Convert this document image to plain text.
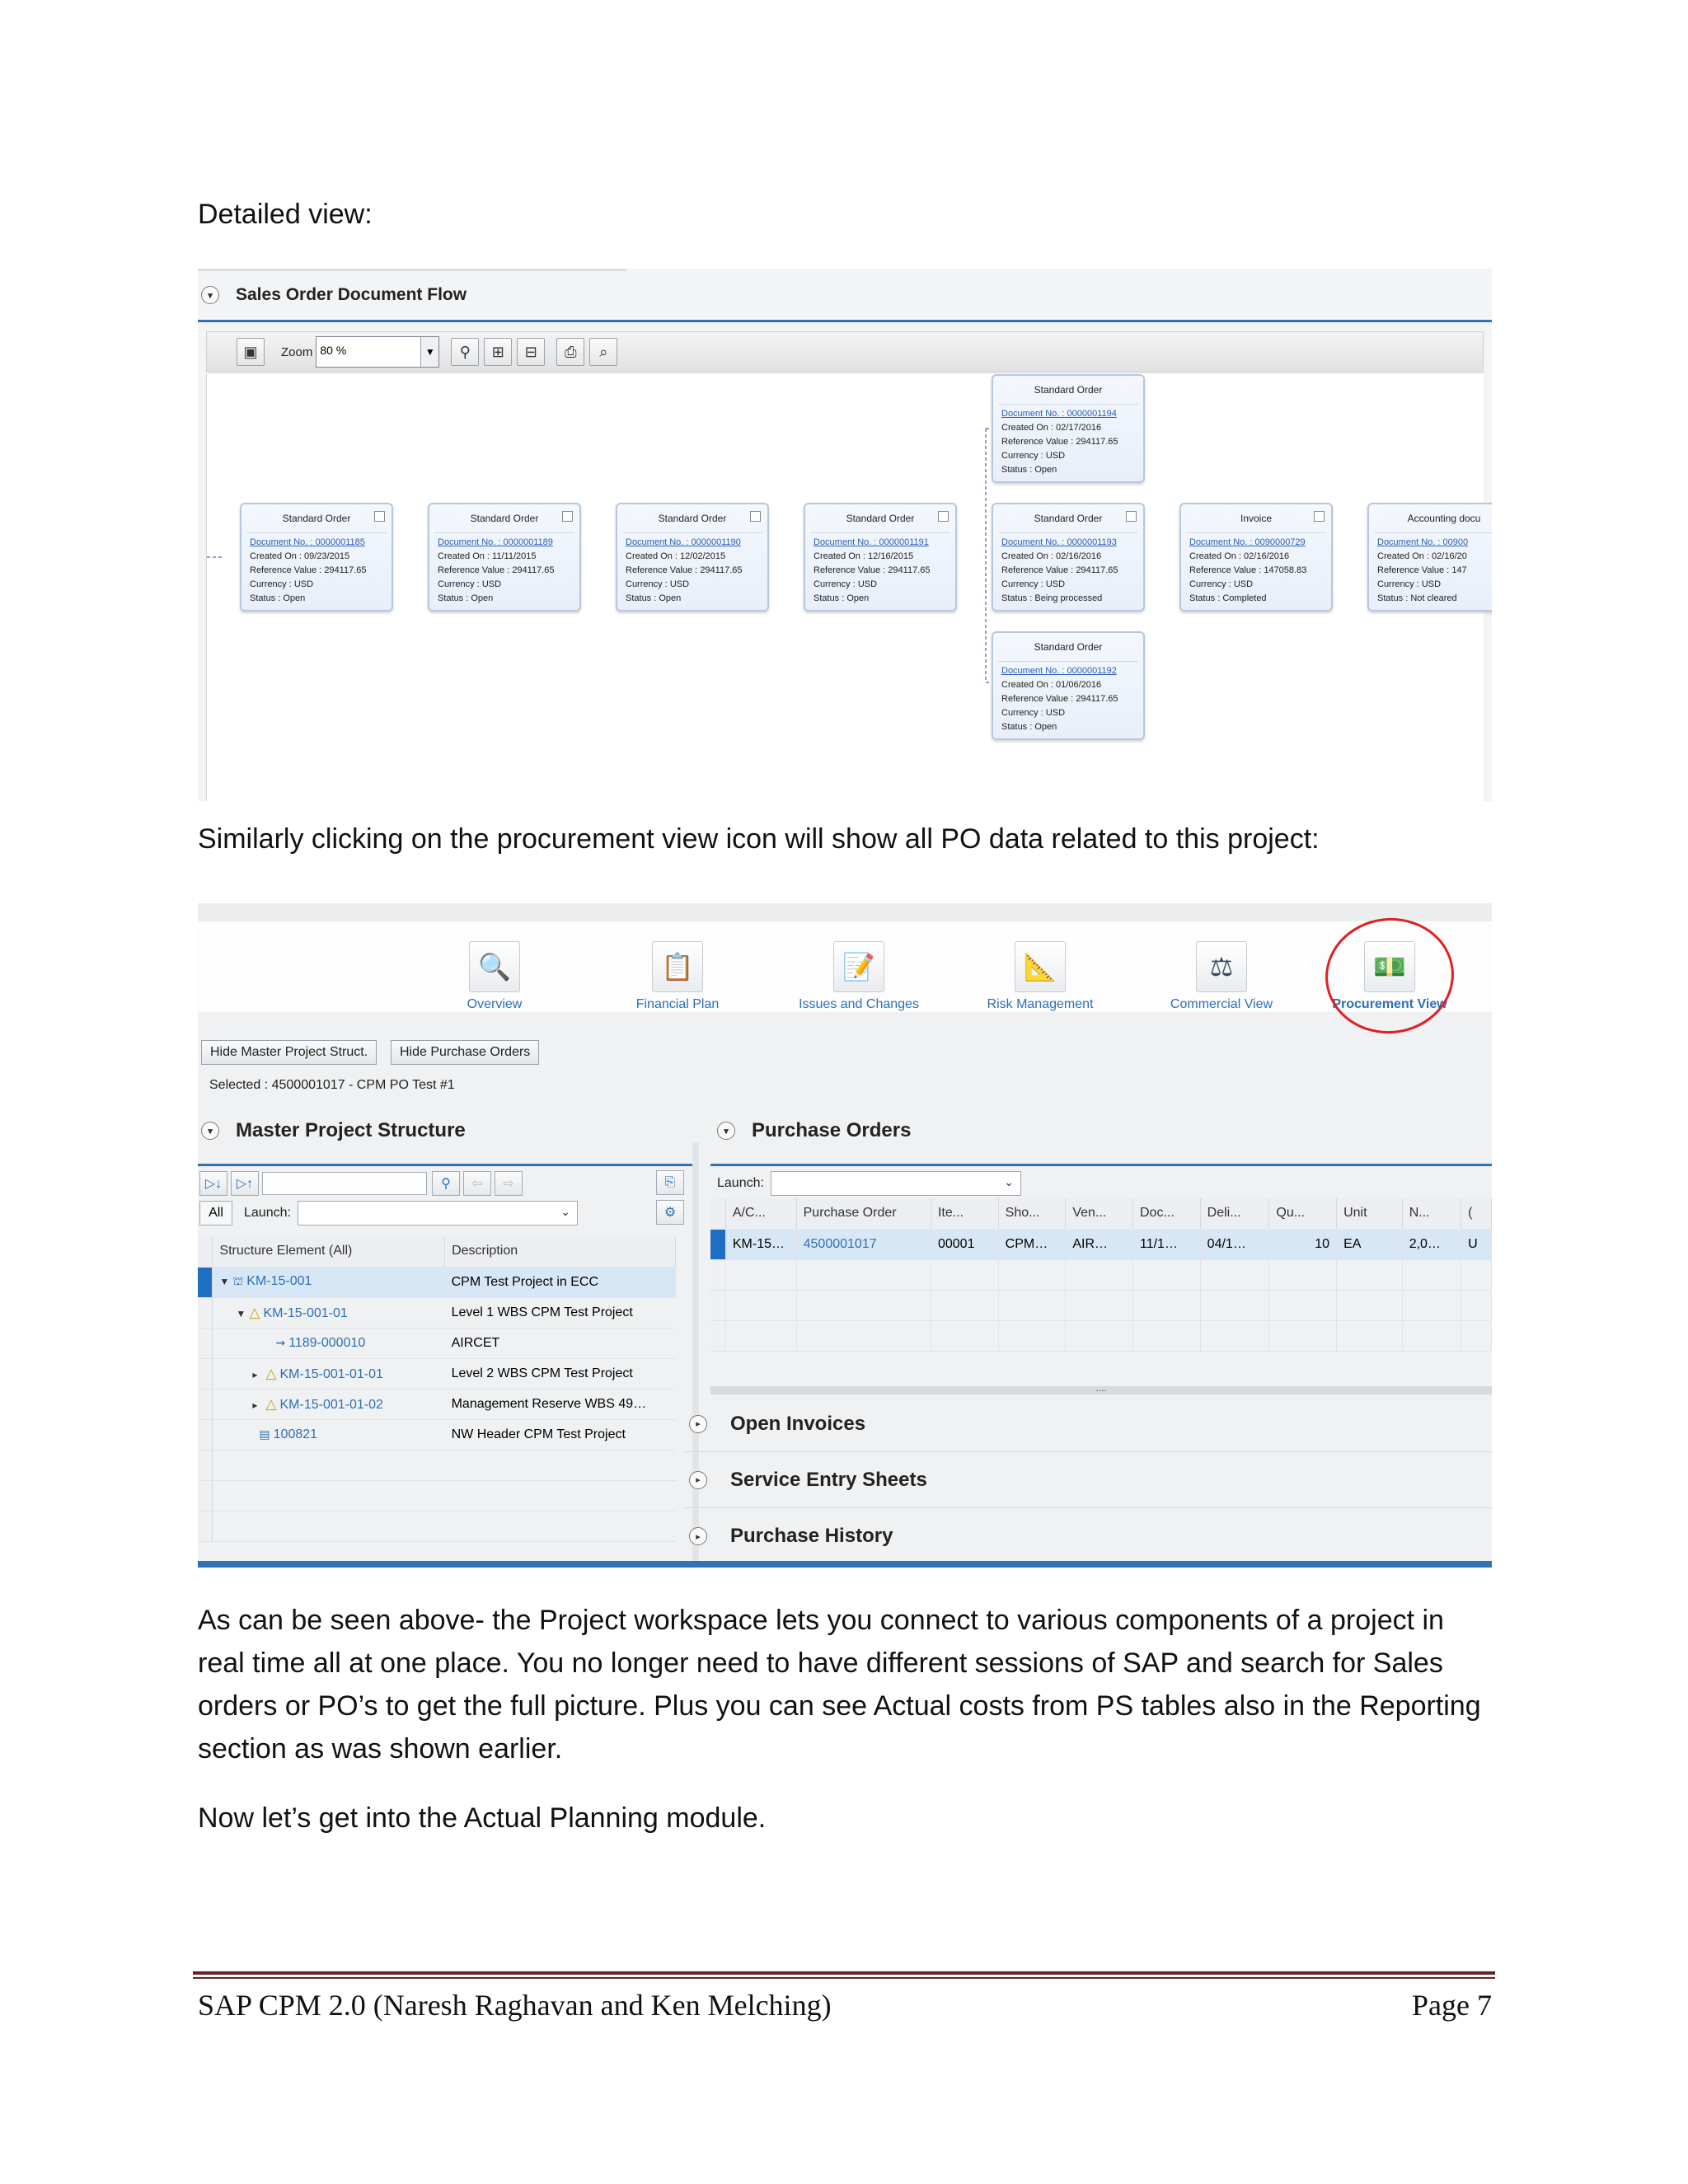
Detailed view:
▾	Sales Order Document Flow
▣	Zoom 80 %	▼	⚲	⊞	⊟	⎙	⌕
Standard Order
Document No. : 0000001185
Created On : 09/23/2015
Reference Value : 294117.65
Currency : USD
Status : Open
Standard Order
Document No. : 0000001189
Created On : 11/11/2015
Reference Value : 294117.65
Currency : USD
Status : Open
Standard Order
Document No. : 0000001190
Created On : 12/02/2015
Reference Value : 294117.65
Currency : USD
Status : Open
Standard Order
Document No. : 0000001191
Created On : 12/16/2015
Reference Value : 294117.65
Currency : USD
Status : Open
Standard Order
Document No. : 0000001193
Created On : 02/16/2016
Reference Value : 294117.65
Currency : USD
Status : Being processed
Invoice
Document No. : 0090000729
Created On : 02/16/2016
Reference Value : 147058.83
Currency : USD
Status : Completed
Accounting docu
Document No. : 00900
Created On : 02/16/20
Reference Value : 147
Currency : USD
Status : Not cleared
Standard Order
Document No. : 0000001194
Created On : 02/17/2016
Reference Value : 294117.65
Currency : USD
Status : Open
Standard Order
Document No. : 0000001192
Created On : 01/06/2016
Reference Value : 294117.65
Currency : USD
Status : Open
Similarly clicking on the procurement view icon will show all PO data related to this project:
🔍
Overview
📋
Financial Plan
📝
Issues and Changes
📐
Risk Management
⚖
Commercial View
💵
Procurement View
Hide Master Project Struct.	Hide Purchase Orders
Selected : 4500001017 - CPM PO Test #1
▾	Master Project Structure
▷↓	▷↑	⚲	⇦	⇨	⎘
All	Launch:	⌄	⚙
	Structure Element (All)	Description
	▼ ⛫ KM-15-001	CPM Test Project in ECC
	▼ △ KM-15-001-01	Level 1 WBS CPM Test Project
	⇝ 1189-000010	AIRCET
	▸ △ KM-15-001-01-01	Level 2 WBS CPM Test Project
	▸ △ KM-15-001-01-02	Management Reserve WBS 49…
	▤ 100821	NW Header CPM Test Project

▾	Purchase Orders
Launch:	⌄
	A/C...	Purchase Order	Ite...	Sho...	Ven...	Doc...	Deli...	Qu...	Unit	N...	(
	KM-15…	4500001017	00001	CPM…	AIR…	11/1…	04/1…	10	EA	2,0…	U

....
▸	Open Invoices
▸	Service Entry Sheets
▸	Purchase History
As can be seen above- the Project workspace lets you connect to various components of a project in real time all at one place. You no longer need to have different sessions of SAP and search for Sales orders or PO’s to get the full picture. Plus you can see Actual costs from PS tables also in the Reporting section as was shown earlier.
Now let’s get into the Actual Planning module.
SAP CPM 2.0 (Naresh Raghavan and Ken Melching)	Page 7
